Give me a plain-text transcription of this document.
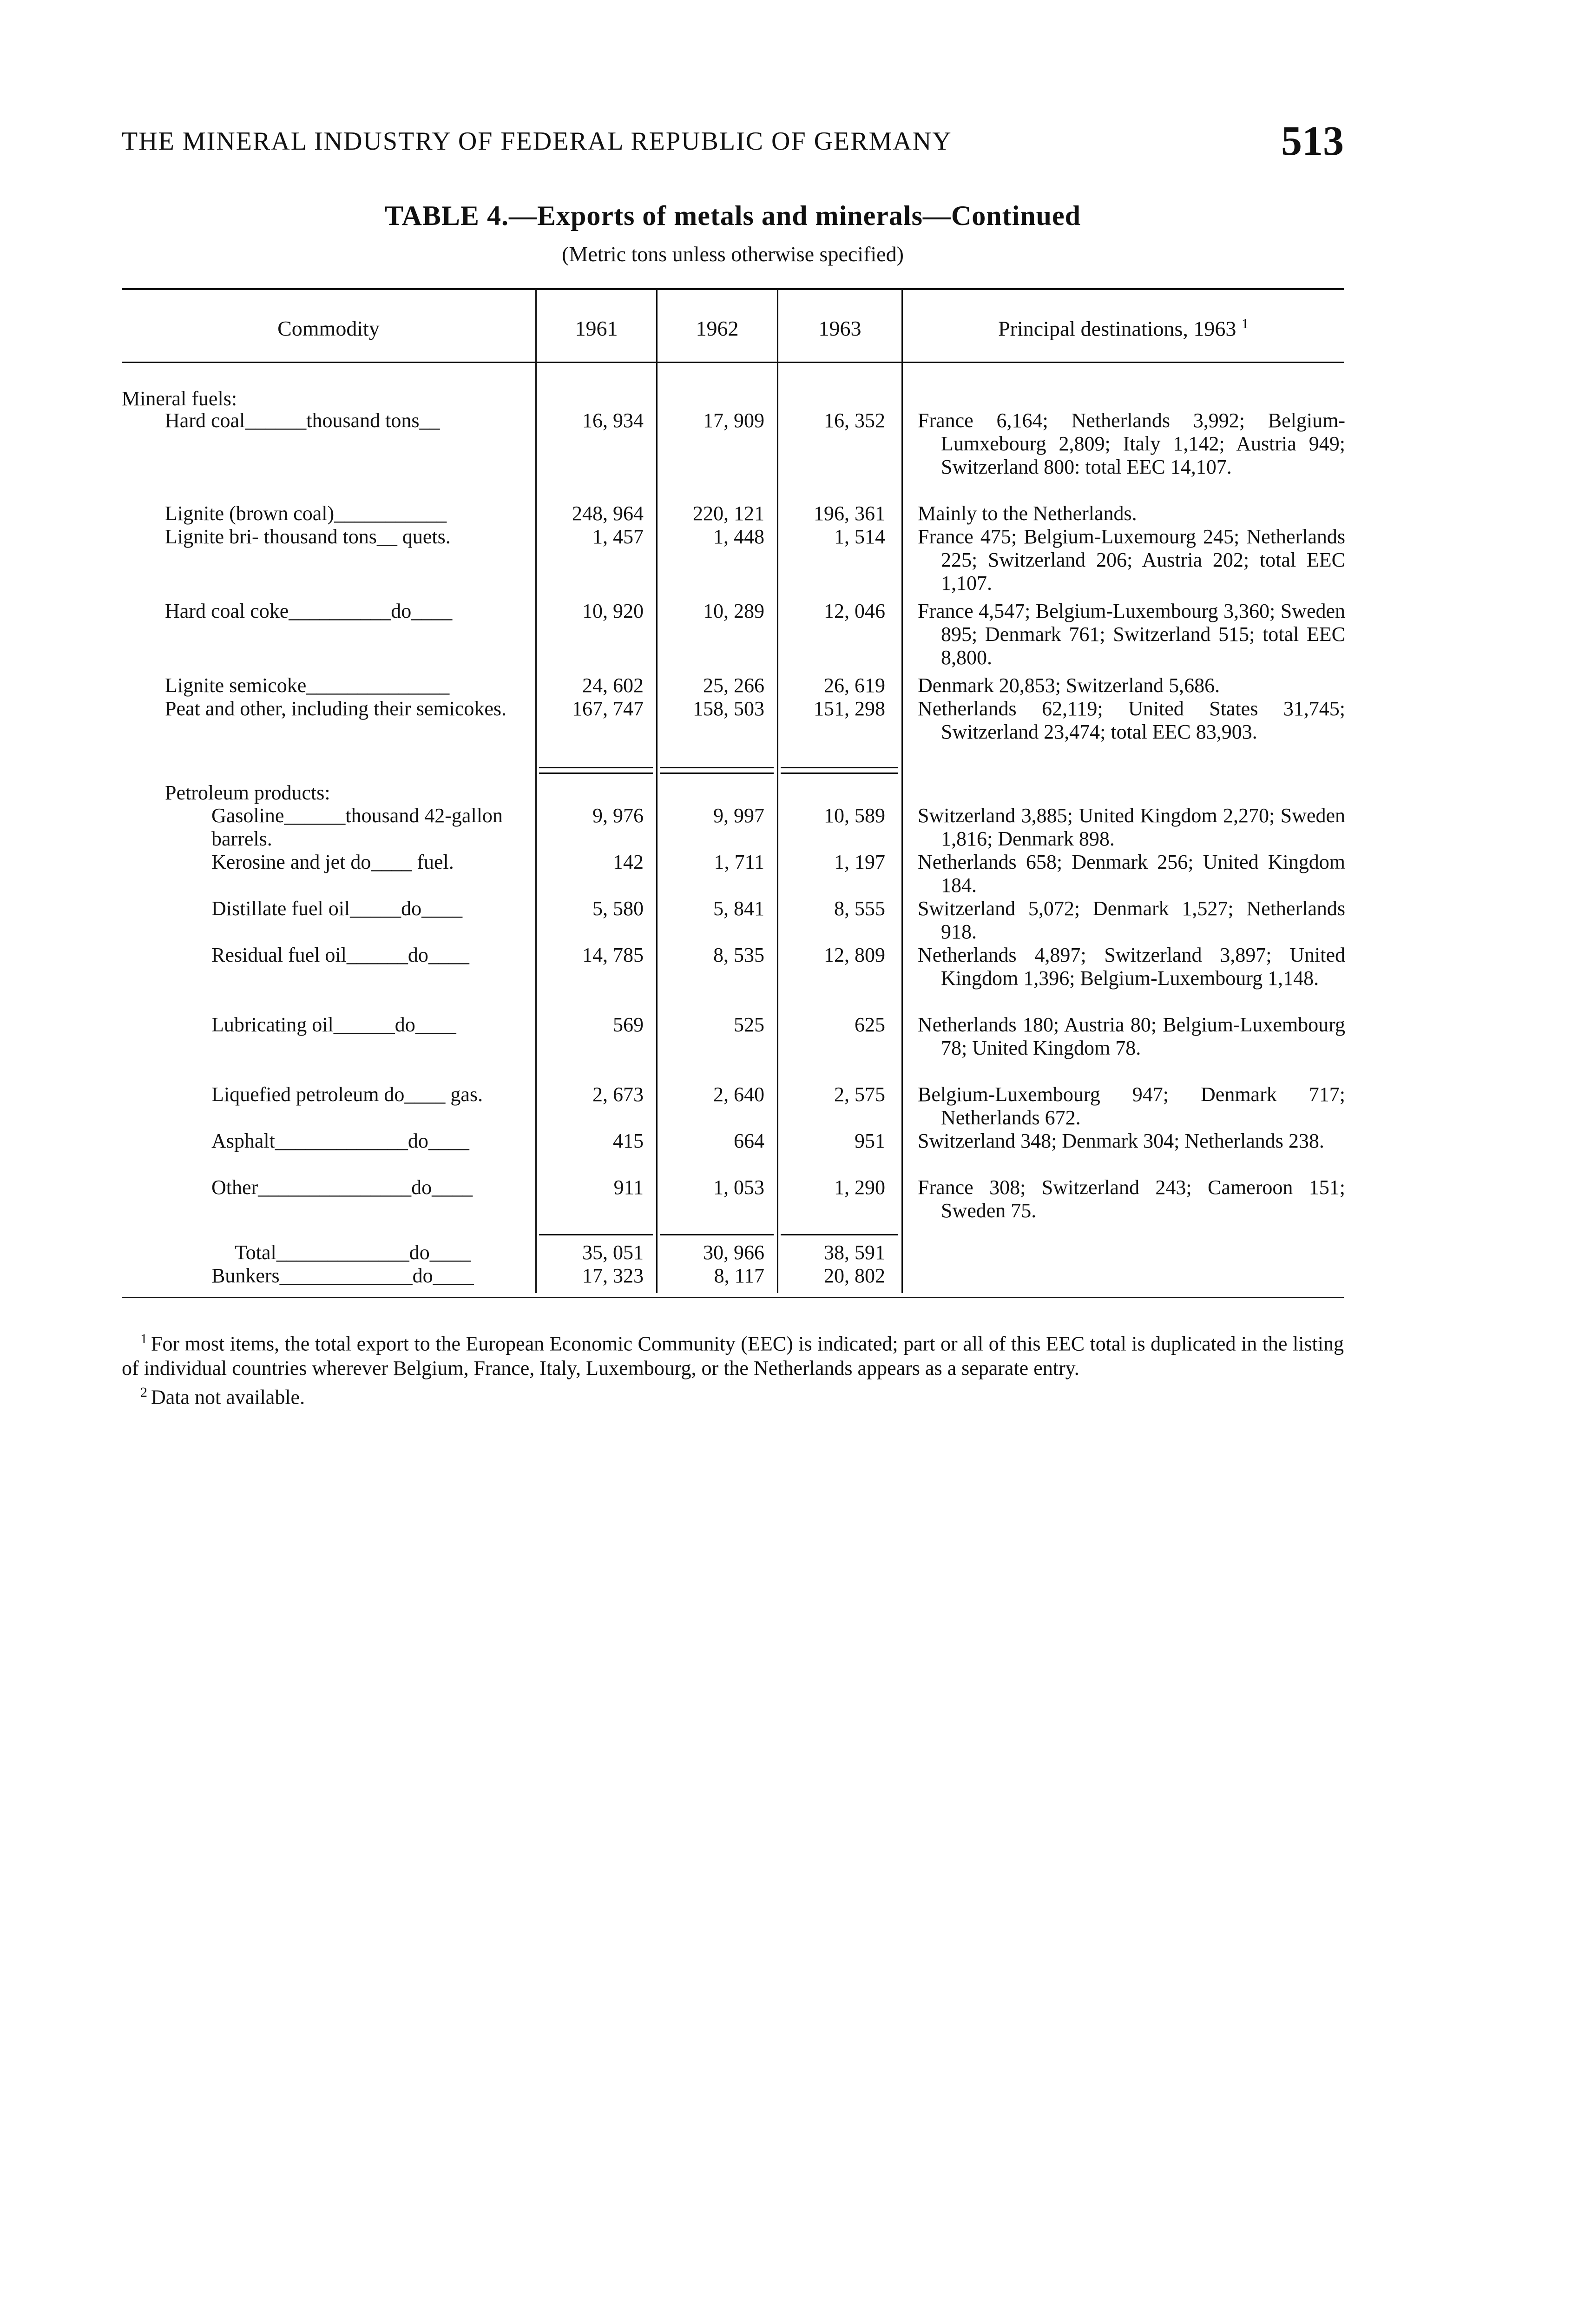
THE MINERAL INDUSTRY OF FEDERAL REPUBLIC OF GERMANY	513
TABLE 4.—Exports of metals and minerals—Continued
(Metric tons unless otherwise specified)
Commodity	1961	1962	1963	Principal destinations, 1963 $^1$
Mineral fuels:
Hard coal______thousand tons__	16, 934	17, 909	16, 352 France 6,164; Netherlands 3,992; Belgium-Lumxebourg 2,809; Italy 1,142; Austria 949; Switzerland 800: total EEC 14,107.
Lignite (brown coal)___________	248, 964	220, 121	196, 361 Mainly to the Netherlands.
Lignite bri- thousand tons__ quets.	1, 457	1, 448	1, 514 France 475; Belgium-Luxemourg 245; Netherlands 225; Switzerland 206; Austria 202; total EEC 1,107.
Hard coal coke__________do____	10, 920	10, 289	12, 046 France 4,547; Belgium-Luxembourg 3,360; Sweden 895; Denmark 761; Switzerland 515; total EEC 8,800.
Lignite semicoke______________	24, 602	25, 266	26, 619 Denmark 20,853; Switzerland 5,686.
Peat and other, including their semicokes.	167, 747	158, 503	151, 298 Netherlands 62,119; United States 31,745; Switzerland 23,474; total EEC 83,903.
Petroleum products:
Gasoline______thousand 42-gallon barrels.
9, 976	9, 997	10, 589 Switzerland 3,885; United Kingdom 2,270; Sweden 1,816; Denmark 898.
Kerosine and jet do____ fuel.	142	1, 711	1, 197 Netherlands 658; Denmark 256; United Kingdom 184.
Distillate fuel oil_____do____	5, 580	5, 841	8, 555 Switzerland 5,072; Denmark 1,527; Netherlands 918.
Residual fuel oil______do____	14, 785	8, 535	12, 809 Netherlands 4,897; Switzerland 3,897; United Kingdom 1,396; Belgium-Luxembourg 1,148.
Lubricating oil______do____	569	525	625 Netherlands 180; Austria 80; Belgium-Luxembourg 78; United Kingdom 78.
Liquefied petroleum do____ gas.	2, 673	2, 640	2, 575 Belgium-Luxembourg 947; Denmark 717; Netherlands 672.
Asphalt_____________do____	415	664	951 Switzerland 348; Denmark 304; Netherlands 238.
Other_______________do____	911	1, 053	1, 290 France 308; Switzerland 243; Cameroon 151; Sweden 75.
Total_____________do____	35, 051	30, 966	38, 591
Bunkers_____________do____	17, 323	8, 117	20, 802

$^1$ For most items, the total export to the European Economic Community (EEC) is indicated; part or all of this EEC total is duplicated in the listing of individual countries wherever Belgium, France, Italy, Luxembourg, or the Netherlands appears as a separate entry.

$^2$ Data not available.
